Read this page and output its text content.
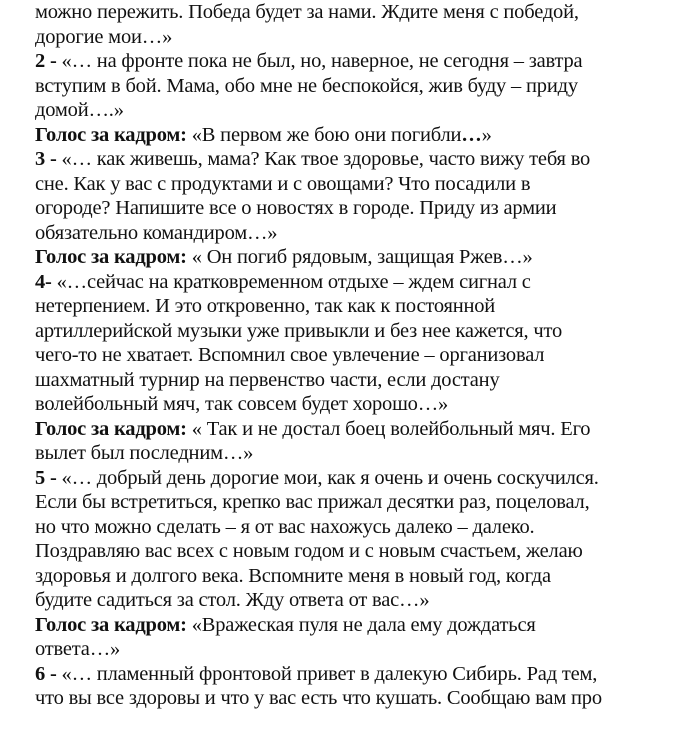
можно пережить. Победа будет за нами. Ждите меня с победой,
дорогие мои…»
2 - «… на фронте пока не был, но, наверное, не сегодня – завтра
вступим в бой. Мама, обо мне не беспокойся, жив буду – приду
домой….»
Голос за кадром: «В первом же бою они погибли…»
3 - «… как живешь, мама? Как твое здоровье, часто вижу тебя во
сне. Как у вас с продуктами и с овощами? Что посадили в
огороде? Напишите все о новостях в городе. Приду из армии
обязательно командиром…»
Голос за кадром: « Он погиб рядовым, защищая Ржев…»
4- «…сейчас на кратковременном отдыхе – ждем сигнал с
нетерпением. И это откровенно, так как к постоянной
артиллерийской музыки уже привыкли и без нее кажется, что
чего-то не хватает. Вспомнил свое увлечение – организовал
шахматный турнир на первенство части, если достану
волейбольный мяч, так совсем будет хорошо…»
Голос за кадром: « Так и не достал боец волейбольный мяч. Его
вылет был последним…»
5 - «… добрый день дорогие мои, как я очень и очень соскучился.
Если бы встретиться, крепко вас прижал десятки раз, поцеловал,
но что можно сделать – я от вас нахожусь далеко – далеко.
Поздравляю вас всех с новым годом и с новым счастьем, желаю
здоровья и долгого века. Вспомните меня в новый год, когда
будите садиться за стол. Жду ответа от вас…»
Голос за кадром: «Вражеская пуля не дала ему дождаться
ответа…»
6 - «… пламенный фронтовой привет в далекую Сибирь. Рад тем,
что вы все здоровы и что у вас есть что кушать. Сообщаю вам про
